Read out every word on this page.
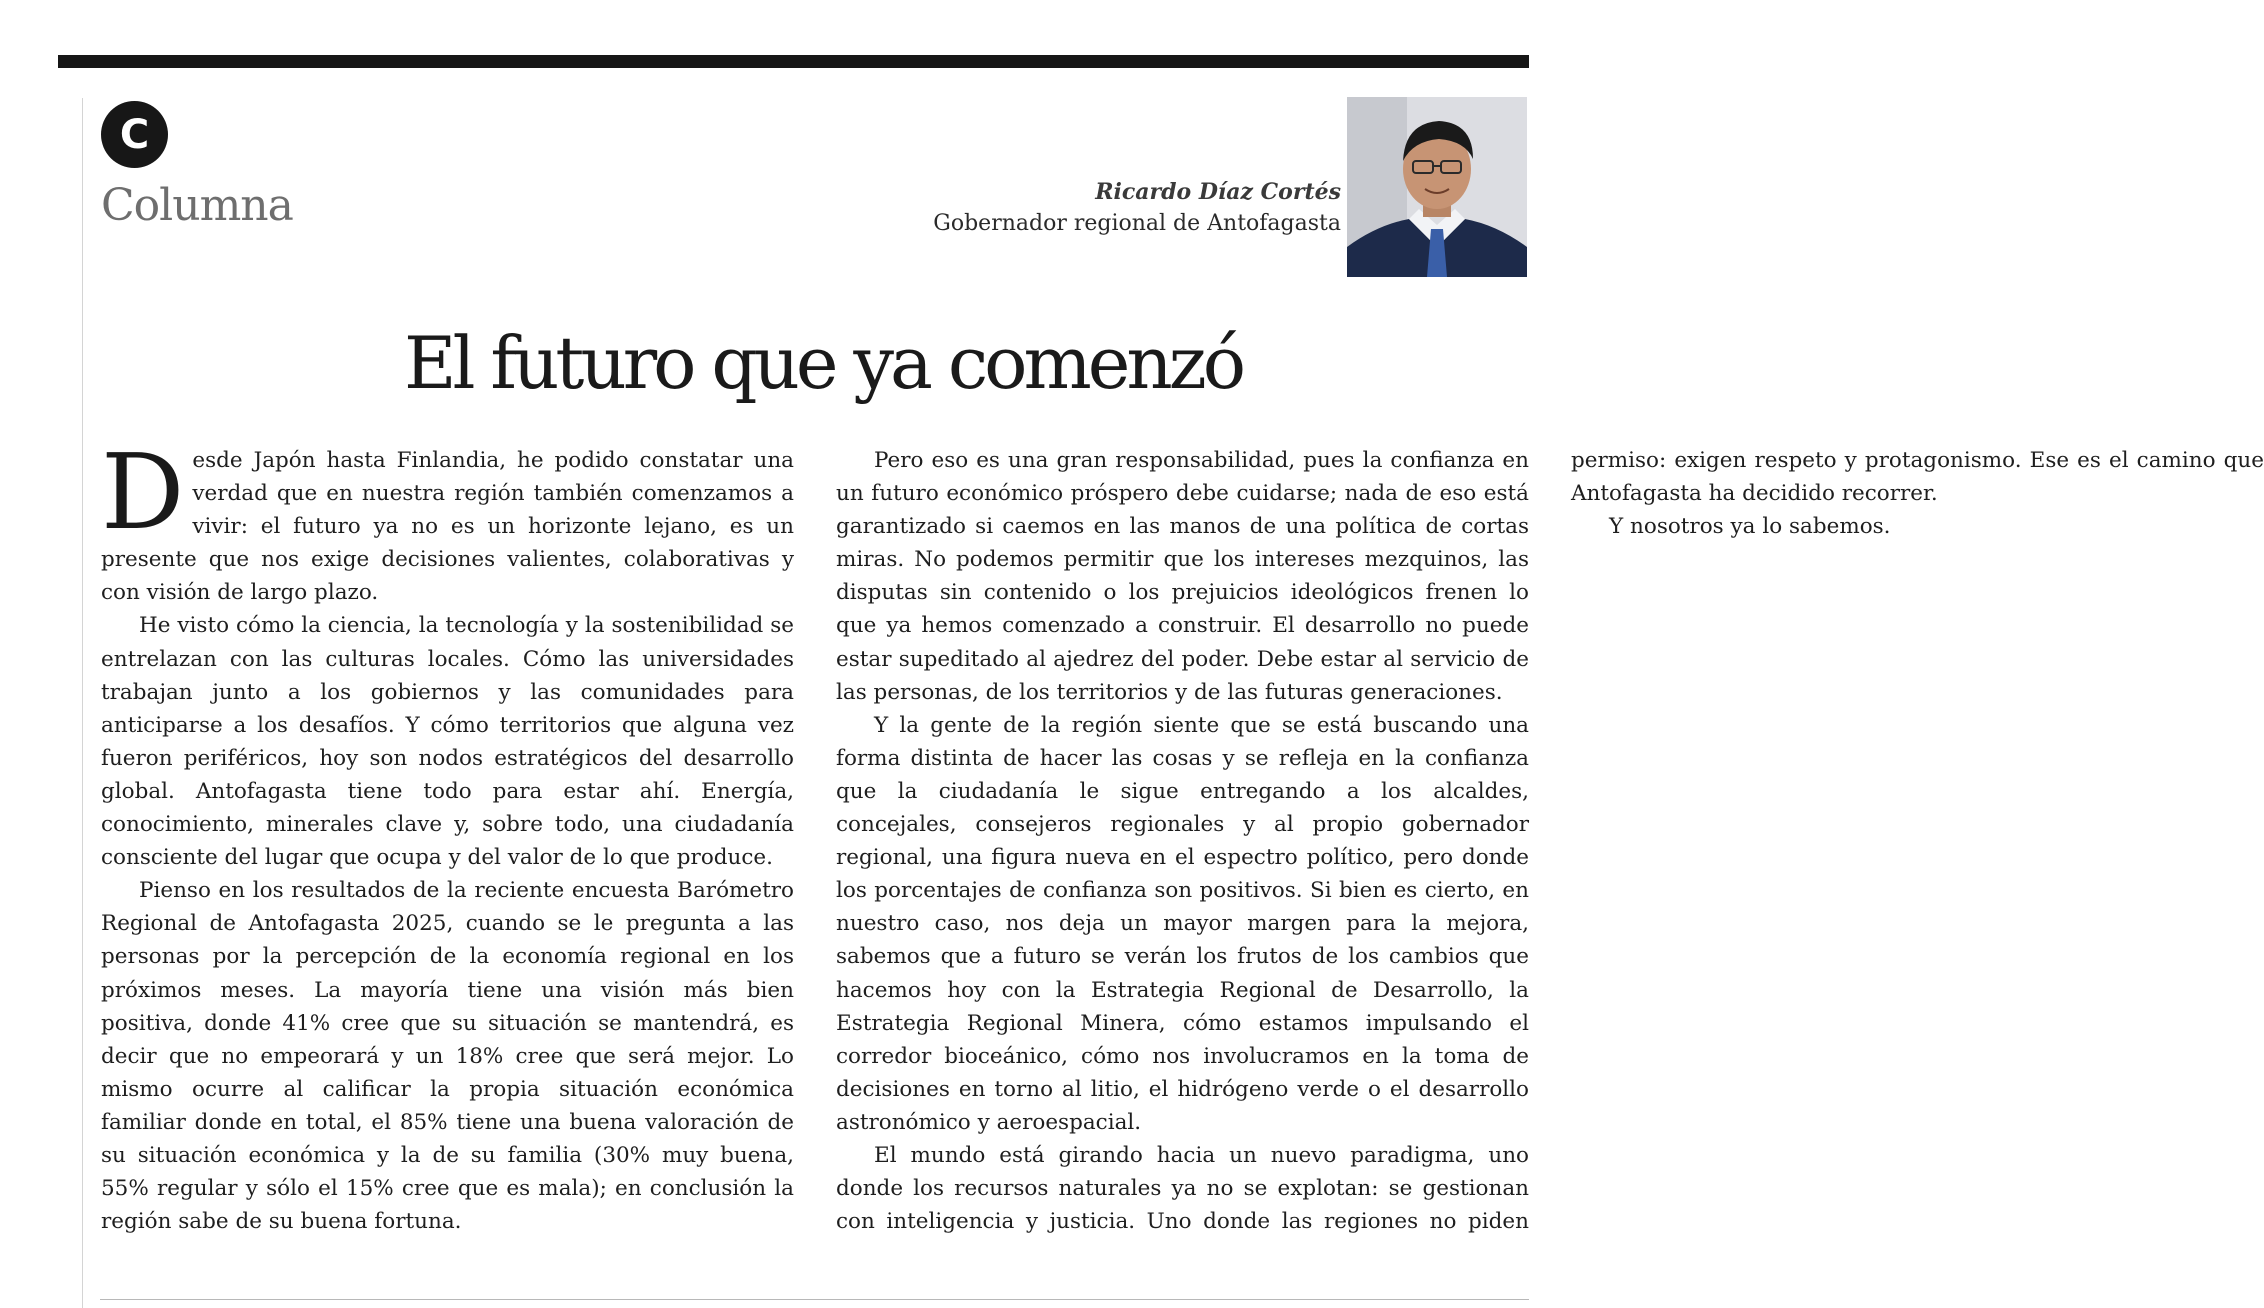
C
Columna	Ricardo Díaz Cortés
Gobernador regional de Antofagasta
El futuro que ya comenzó

Desde Japón hasta Finlandia, he podido constatar una verdad que en nuestra región también comenzamos a vivir: el futuro ya no es un horizonte lejano, es un presente que nos exige decisiones valientes, colaborativas y con visión de largo plazo.

He visto cómo la ciencia, la tecnología y la sostenibilidad se entrelazan con las culturas locales. Cómo las universidades trabajan junto a los gobiernos y las comunidades para anticiparse a los desafíos. Y cómo territorios que alguna vez fueron periféricos, hoy son nodos estratégicos del desarrollo global. Antofagasta tiene todo para estar ahí. Energía, conocimiento, minerales clave y, sobre todo, una ciudadanía consciente del lugar que ocupa y del valor de lo que produce.

Pienso en los resultados de la reciente encuesta Barómetro Regional de Antofagasta 2025, cuando se le pregunta a las personas por la percepción de la economía regional en los próximos meses. La mayoría tiene una visión más bien positiva, donde 41% cree que su situación se mantendrá, es decir que no empeorará y un 18% cree que será mejor. Lo mismo ocurre al calificar la propia situación económica familiar donde en total, el 85% tiene una buena valoración de su situación económica y la de su familia (30% muy buena, 55% regular y sólo el 15% cree que es mala); en conclusión la región sabe de su buena fortuna.

Pero eso es una gran responsabilidad, pues la confianza en un futuro económico próspero debe cuidarse; nada de eso está garantizado si caemos en las manos de una política de cortas miras. No podemos permitir que los intereses mezquinos, las disputas sin contenido o los prejuicios ideológicos frenen lo que ya hemos comenzado a construir. El desarrollo no puede estar supeditado al ajedrez del poder. Debe estar al servicio de las personas, de los territorios y de las futuras generaciones.

Y la gente de la región siente que se está buscando una forma distinta de hacer las cosas y se refleja en la confianza que la ciudadanía le sigue entregando a los alcaldes, concejales, consejeros regionales y al propio gobernador regional, una figura nueva en el espectro político, pero donde los porcentajes de confianza son positivos. Si bien es cierto, en nuestro caso, nos deja un mayor margen para la mejora, sabemos que a futuro se verán los frutos de los cambios que hacemos hoy con la Estrategia Regional de Desarrollo, la Estrategia Regional Minera, cómo estamos impulsando el corredor bioceánico, cómo nos involucramos en la toma de decisiones en torno al litio, el hidrógeno verde o el desarrollo astronómico y aeroespacial.

El mundo está girando hacia un nuevo paradigma, uno donde los recursos naturales ya no se explotan: se gestionan con inteligencia y justicia. Uno donde las regiones no piden permiso: exigen respeto y protagonismo. Ese es el camino que Antofagasta ha decidido recorrer.

Y nosotros ya lo sabemos.
